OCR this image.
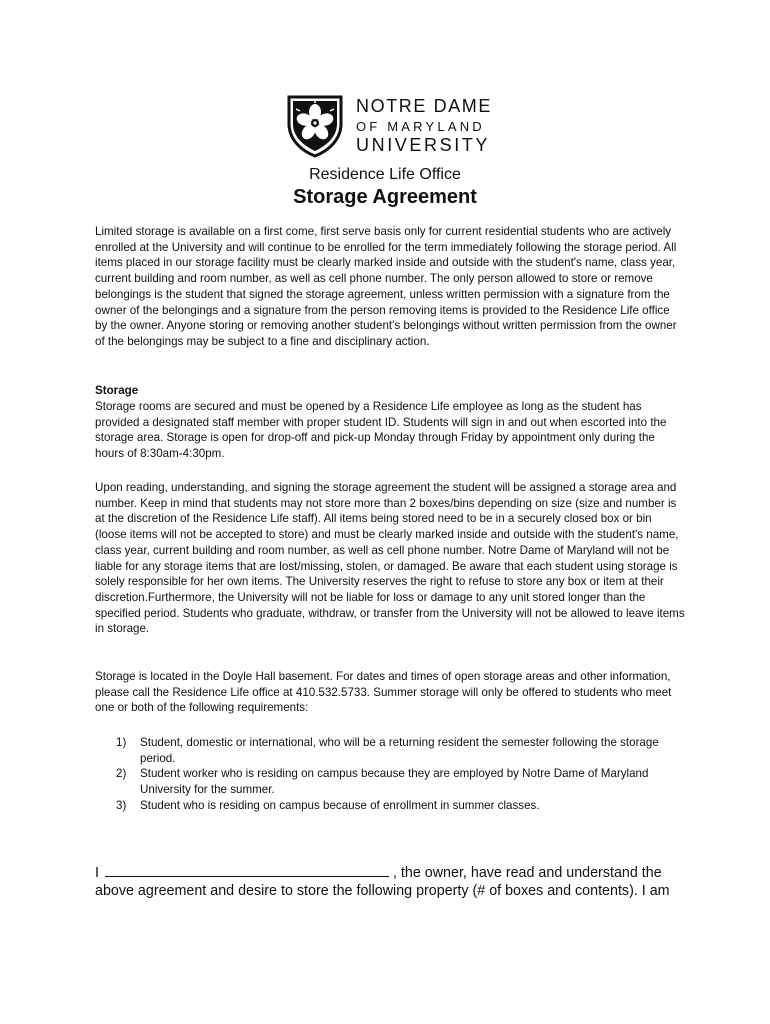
NOTRE DAME
OF MARYLAND
UNIVERSITY
Residence Life Office
Storage Agreement

Limited storage is available on a first come, first serve basis only for current residential students who are actively enrolled at the University and will continue to be enrolled for the term immediately following the storage period. All items placed in our storage facility must be clearly marked inside and outside with the student's name, class year, current building and room number, as well as cell phone number. The only person allowed to store or remove belongings is the student that signed the storage agreement, unless written permission with a signature from the owner of the belongings and a signature from the person removing items is provided to the Residence Life office by the owner. Anyone storing or removing another student's belongings without written permission from the owner of the belongings may be subject to a fine and disciplinary action.

Storage

Storage rooms are secured and must be opened by a Residence Life employee as long as the student has provided a designated staff member with proper student ID. Students will sign in and out when escorted into the storage area. Storage is open for drop-off and pick-up Monday through Friday by appointment only during the hours of 8:30am-4:30pm.

Upon reading, understanding, and signing the storage agreement the student will be assigned a storage area and number. Keep in mind that students may not store more than 2 boxes/bins depending on size (size and number is at the discretion of the Residence Life staff). All items being stored need to be in a securely closed box or bin (loose items will not be accepted to store) and must be clearly marked inside and outside with the student's name, class year, current building and room number, as well as cell phone number. Notre Dame of Maryland will not be liable for any storage items that are lost/missing, stolen, or damaged. Be aware that each student using storage is solely responsible for her own items. The University reserves the right to refuse to store any box or item at their discretion.Furthermore, the University will not be liable for loss or damage to any unit stored longer than the specified period. Students who graduate, withdraw, or transfer from the University will not be allowed to leave items in storage.

Storage is located in the Doyle Hall basement. For dates and times of open storage areas and other information, please call the Residence Life office at 410.532.5733. Summer storage will only be offered to students who meet one or both of the following requirements:

1) Student, domestic or international, who will be a returning resident the semester following the storage period.
2) Student worker who is residing on campus because they are employed by Notre Dame of Maryland University for the summer.
3) Student who is residing on campus because of enrollment in summer classes.

I	, the owner, have read and understand the

above agreement and desire to store the following property (# of boxes and contents). I am
